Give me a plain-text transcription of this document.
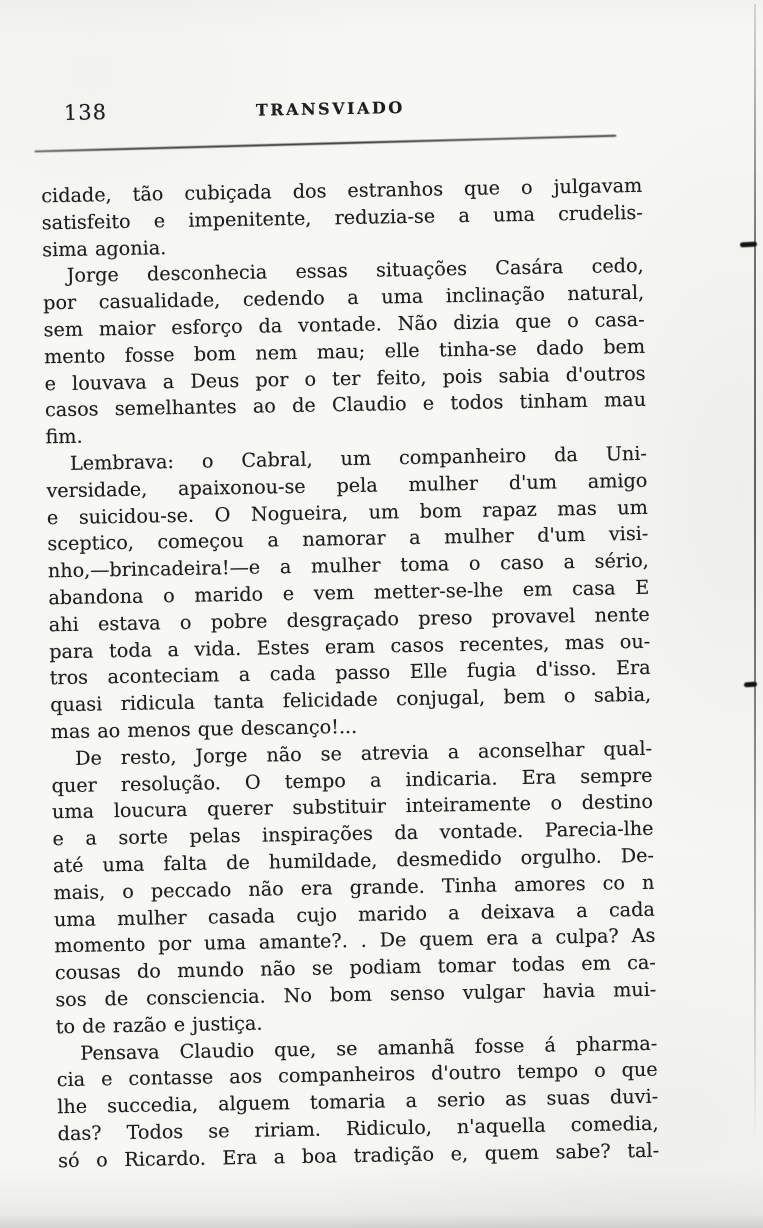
138	TRANSVIADO
cidade, tão cubiçada dos estranhos que o julgavam
satisfeito e impenitente, reduzia-se a uma crudelis-
sima agonia.
Jorge desconhecia essas situações Casára cedo,
por casualidade, cedendo a uma inclinação natural,
sem maior esforço da vontade. Não dizia que o casa-
mento fosse bom nem mau; elle tinha-se dado bem
e louvava a Deus por o ter feito, pois sabia d'outros
casos semelhantes ao de Claudio e todos tinham mau
fim.
Lembrava: o Cabral, um companheiro da Uni-
versidade, apaixonou-se pela mulher d'um amigo
e suicidou-se. O Nogueira, um bom rapaz mas um
sceptico, começou a namorar a mulher d'um visi-
nho,—brincadeira!—e a mulher toma o caso a sério,
abandona o marido e vem metter-se-lhe em casa E
ahi estava o pobre desgraçado preso provavel nente
para toda a vida. Estes eram casos recentes, mas ou-
tros aconteciam a cada passo Elle fugia d'isso. Era
quasi ridicula tanta felicidade conjugal, bem o sabia,
mas ao menos que descanço!...
De resto, Jorge não se atrevia a aconselhar qual-
quer resolução. O tempo a indicaria. Era sempre
uma loucura querer substituir inteiramente o destino
e a sorte pelas inspirações da vontade. Parecia-lhe
até uma falta de humildade, desmedido orgulho. De-
mais, o peccado não era grande. Tinha amores co n
uma mulher casada cujo marido a deixava a cada
momento por uma amante?. . De quem era a culpa? As
cousas do mundo não se podiam tomar todas em ca-
sos de consciencia. No bom senso vulgar havia mui-
to de razão e justiça.
Pensava Claudio que, se amanhã fosse á pharma-
cia e contasse aos companheiros d'outro tempo o que
lhe succedia, alguem tomaria a serio as suas duvi-
das? Todos se ririam. Ridiculo, n'aquella comedia,
só o Ricardo. Era a boa tradição e, quem sabe? tal-
